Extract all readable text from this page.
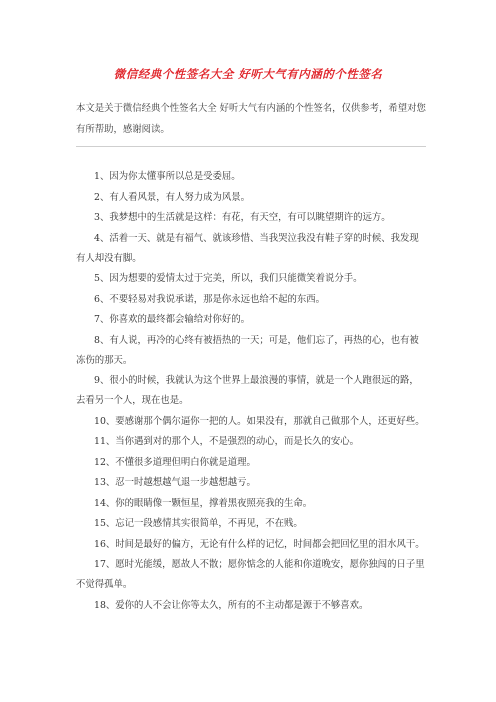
微信经典个性签名大全 好听大气有内涵的个性签名
本文是关于微信经典个性签名大全 好听大气有内涵的个性签名，仅供参考，希望对您有所帮助，感谢阅读。
1、因为你太懂事所以总是受委屈。
2、有人看风景，有人努力成为风景。
3、我梦想中的生活就是这样：有花，有天空，有可以眺望期许的远方。
4、活着一天、就是有福气、就该珍惜、当我哭泣我没有鞋子穿的时候、我发现有人却没有脚。
5、因为想要的爱情太过于完美，所以，我们只能微笑着说分手。
6、不要轻易对我说承诺，那是你永远也给不起的东西。
7、你喜欢的最终都会输给对你好的。
8、有人说，再冷的心终有被捂热的一天；可是，他们忘了，再热的心，也有被冻伤的那天。
9、很小的时候，我就认为这个世界上最浪漫的事情，就是一个人跑很远的路，去看另一个人，现在也是。
10、要感谢那个偶尔逼你一把的人。如果没有，那就自己做那个人，还更好些。
11、当你遇到对的那个人，不是强烈的动心，而是长久的安心。
12、不懂很多道理但明白你就是道理。
13、忍一时越想越气退一步越想越亏。
14、你的眼睛像一颗恒星，撑着黑夜照亮我的生命。
15、忘记一段感情其实很简单，不再见，不在贱。
16、时间是最好的偏方，无论有什么样的记忆，时间都会把回忆里的泪水风干。
17、愿时光能缓，愿故人不散；愿你惦念的人能和你道晚安，愿你独闯的日子里不觉得孤单。
18、爱你的人不会让你等太久，所有的不主动都是源于不够喜欢。
